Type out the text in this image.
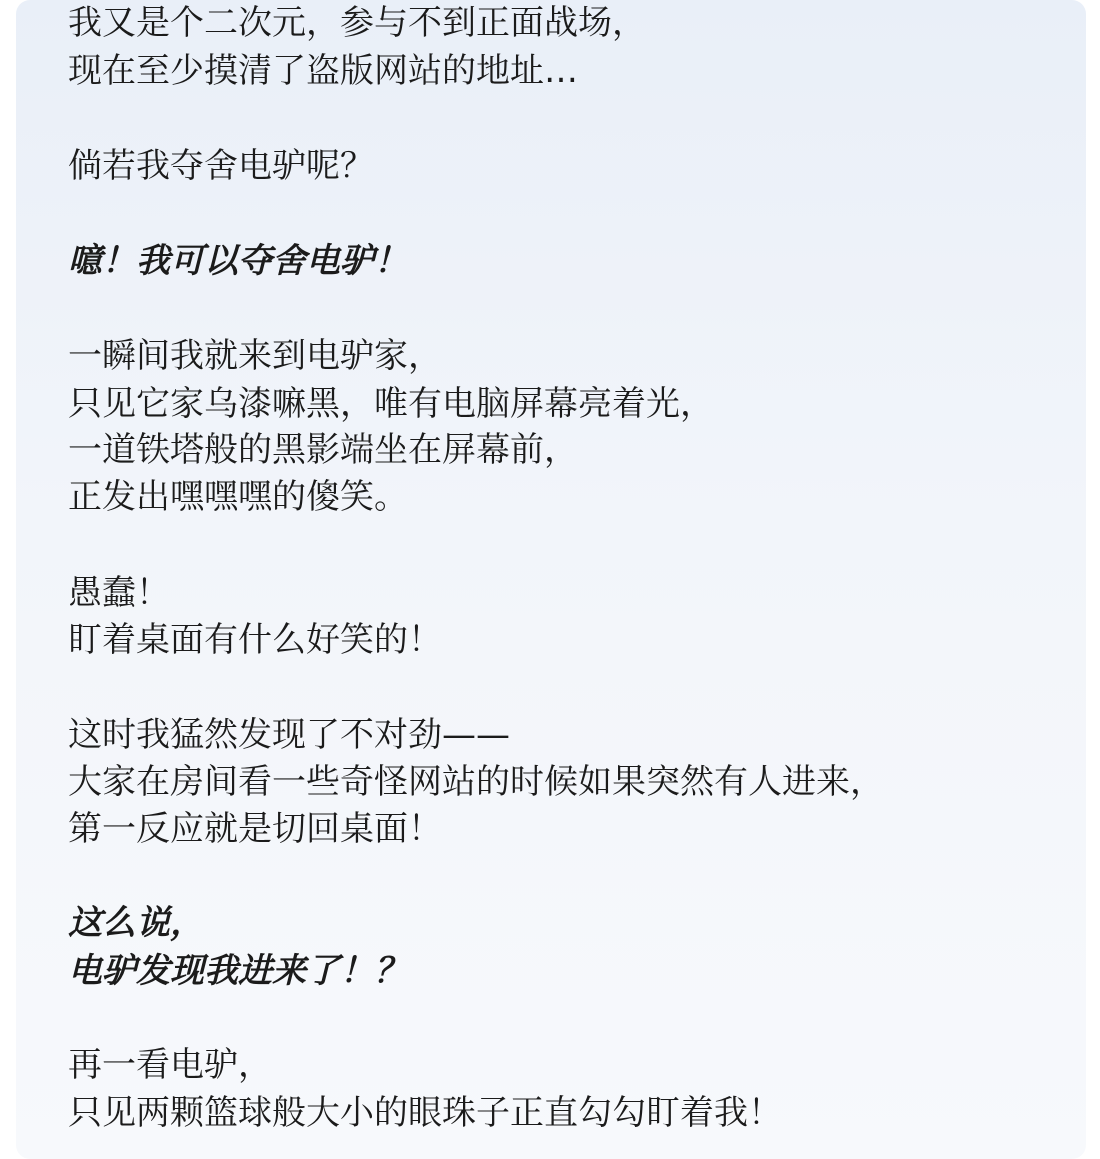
我又是个二次元，参与不到正面战场，
现在至少摸清了盗版网站的地址…
倘若我夺舍电驴呢？
噫！我可以夺舍电驴！
一瞬间我就来到电驴家，
只见它家乌漆嘛黑，唯有电脑屏幕亮着光，
一道铁塔般的黑影端坐在屏幕前，
正发出嘿嘿嘿的傻笑。
愚蠢！
盯着桌面有什么好笑的！
这时我猛然发现了不对劲——
大家在房间看一些奇怪网站的时候如果突然有人进来，
第一反应就是切回桌面！
这么说，
电驴发现我进来了！？
再一看电驴，
只见两颗篮球般大小的眼珠子正直勾勾盯着我！
